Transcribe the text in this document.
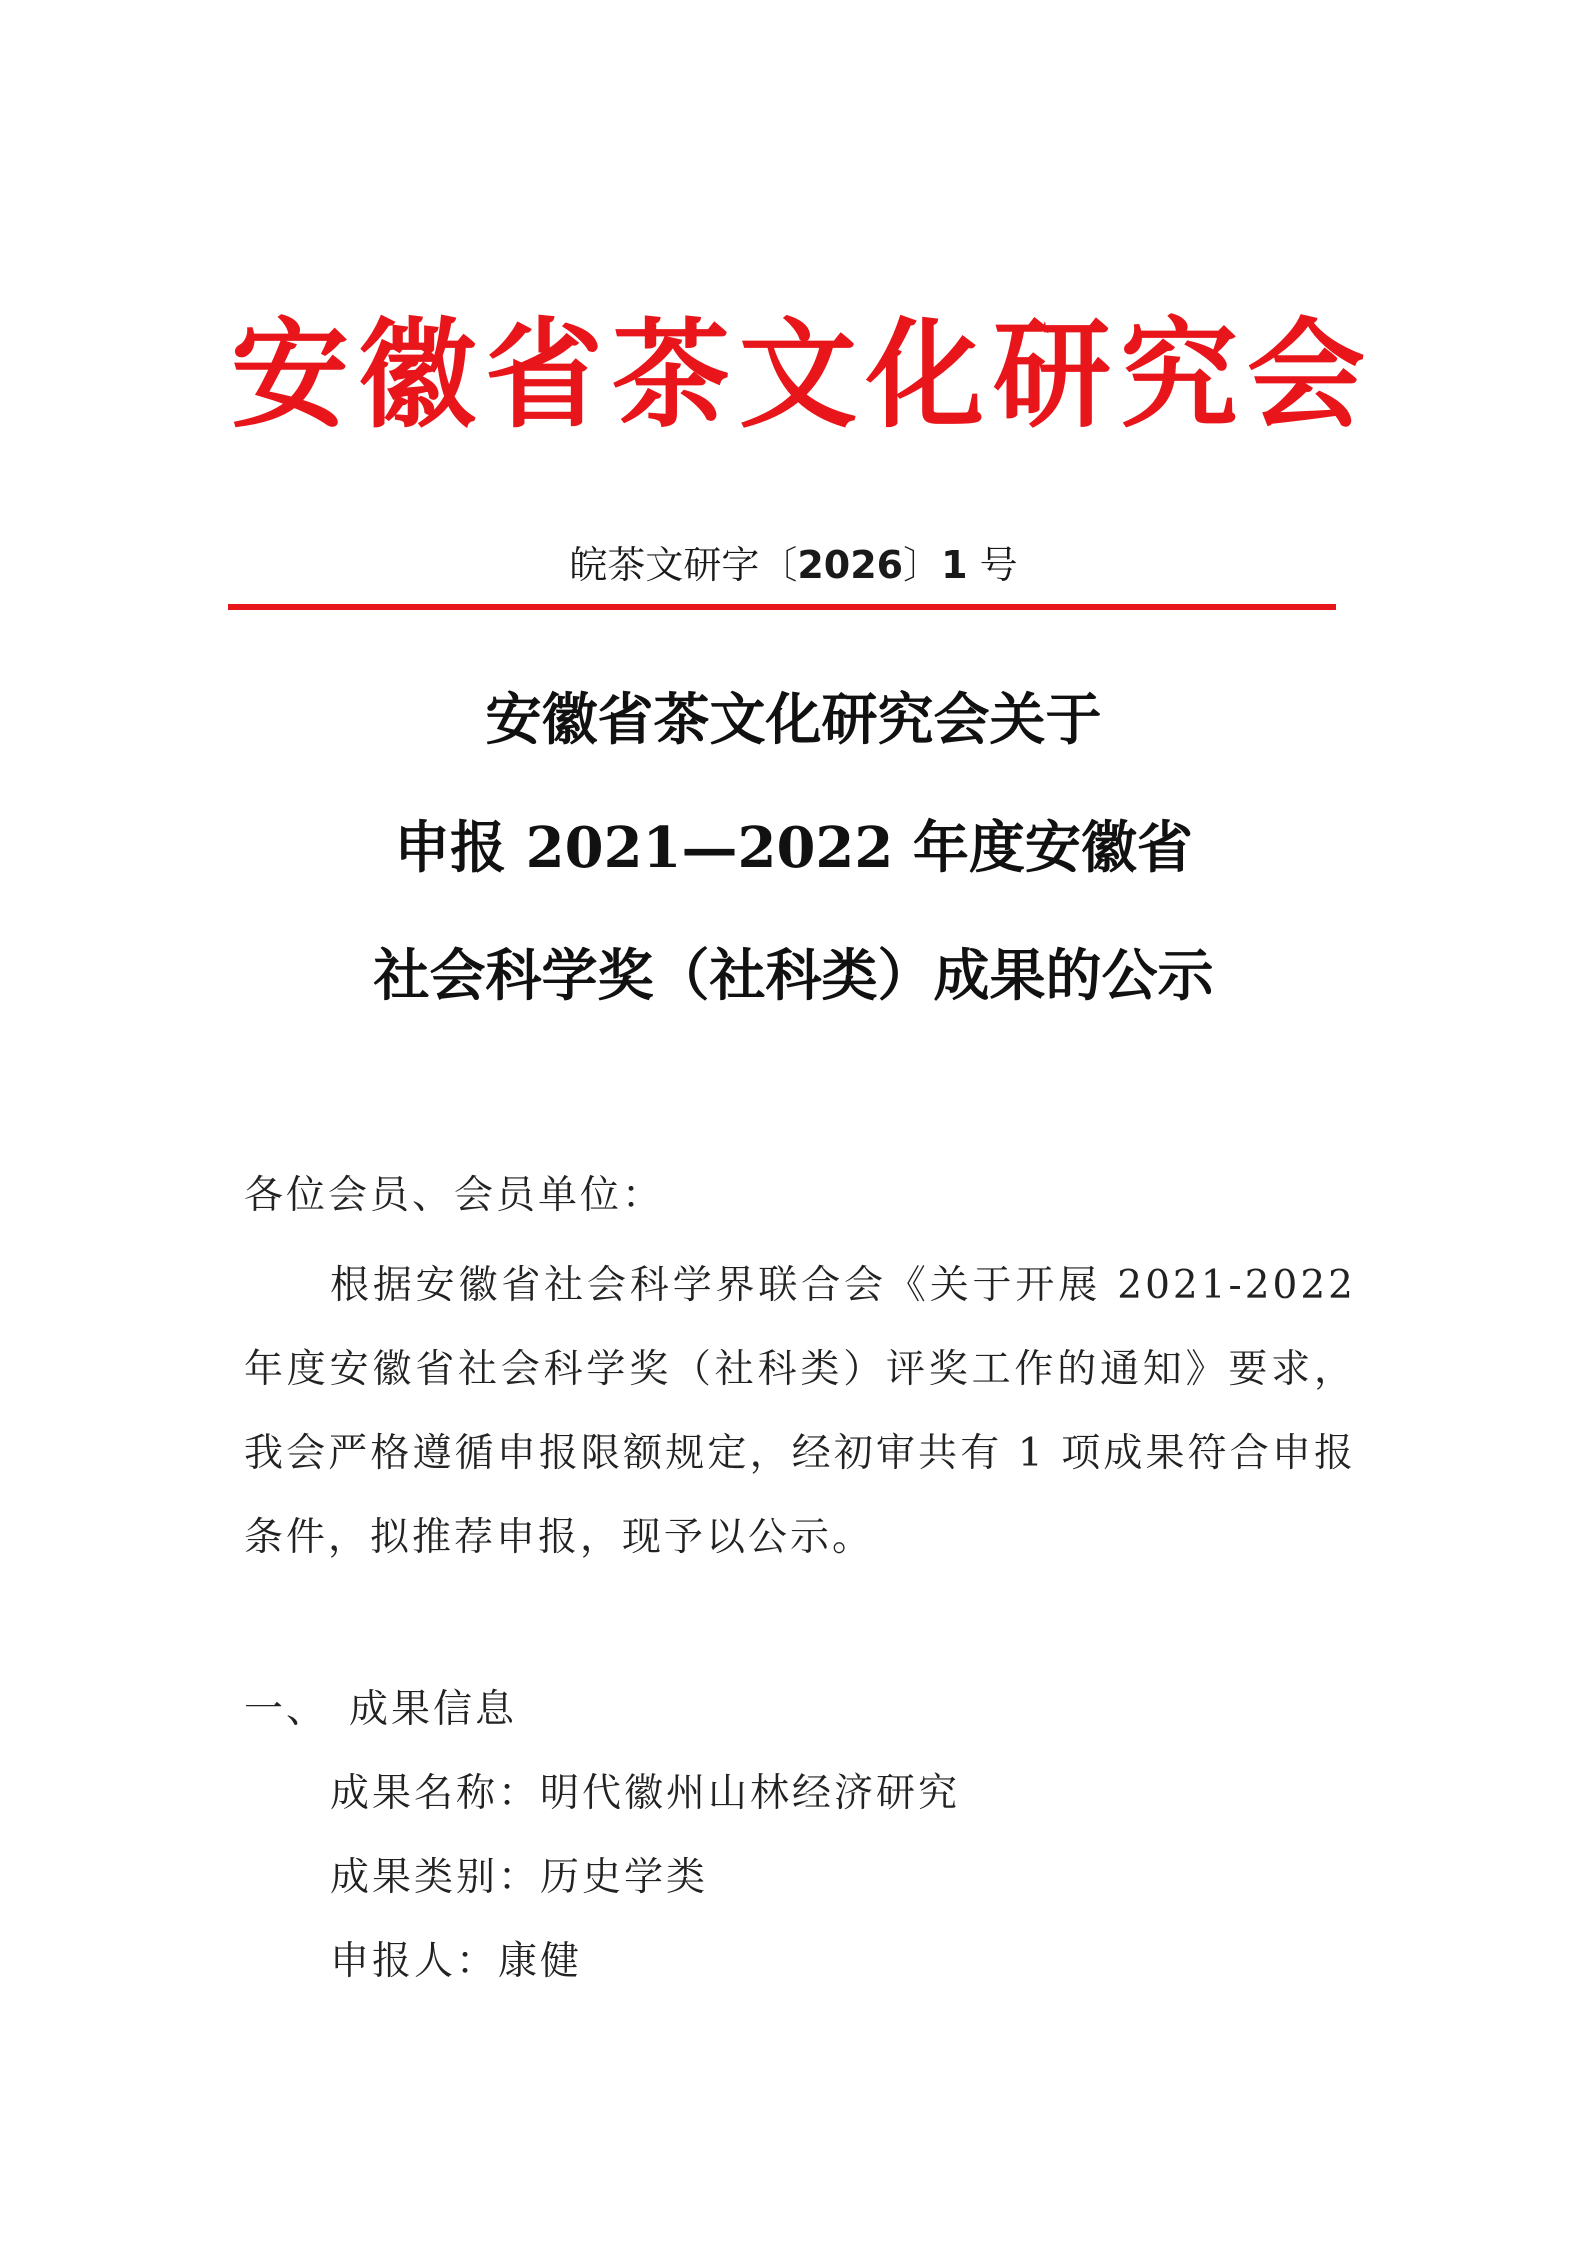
安 徽 省 茶 文 化 研 究 会
皖茶文研字〔2026〕1 号
安徽省茶文化研究会关于
申报 2021—2022 年度安徽省
社会科学奖（社科类）成果的公示
各位会员、会员单位：

根据安徽省社会科学界联合会《关于开展 2021-2022 年度安徽省社会科学奖（社科类）评奖工作的通知》要求，我会严格遵循申报限额规定，经初审共有 1 项成果符合申报条件，拟推荐申报，现予以公示。

一、 成果信息
成果名称：明代徽州山林经济研究
成果类别：历史学类
申报人：康健
